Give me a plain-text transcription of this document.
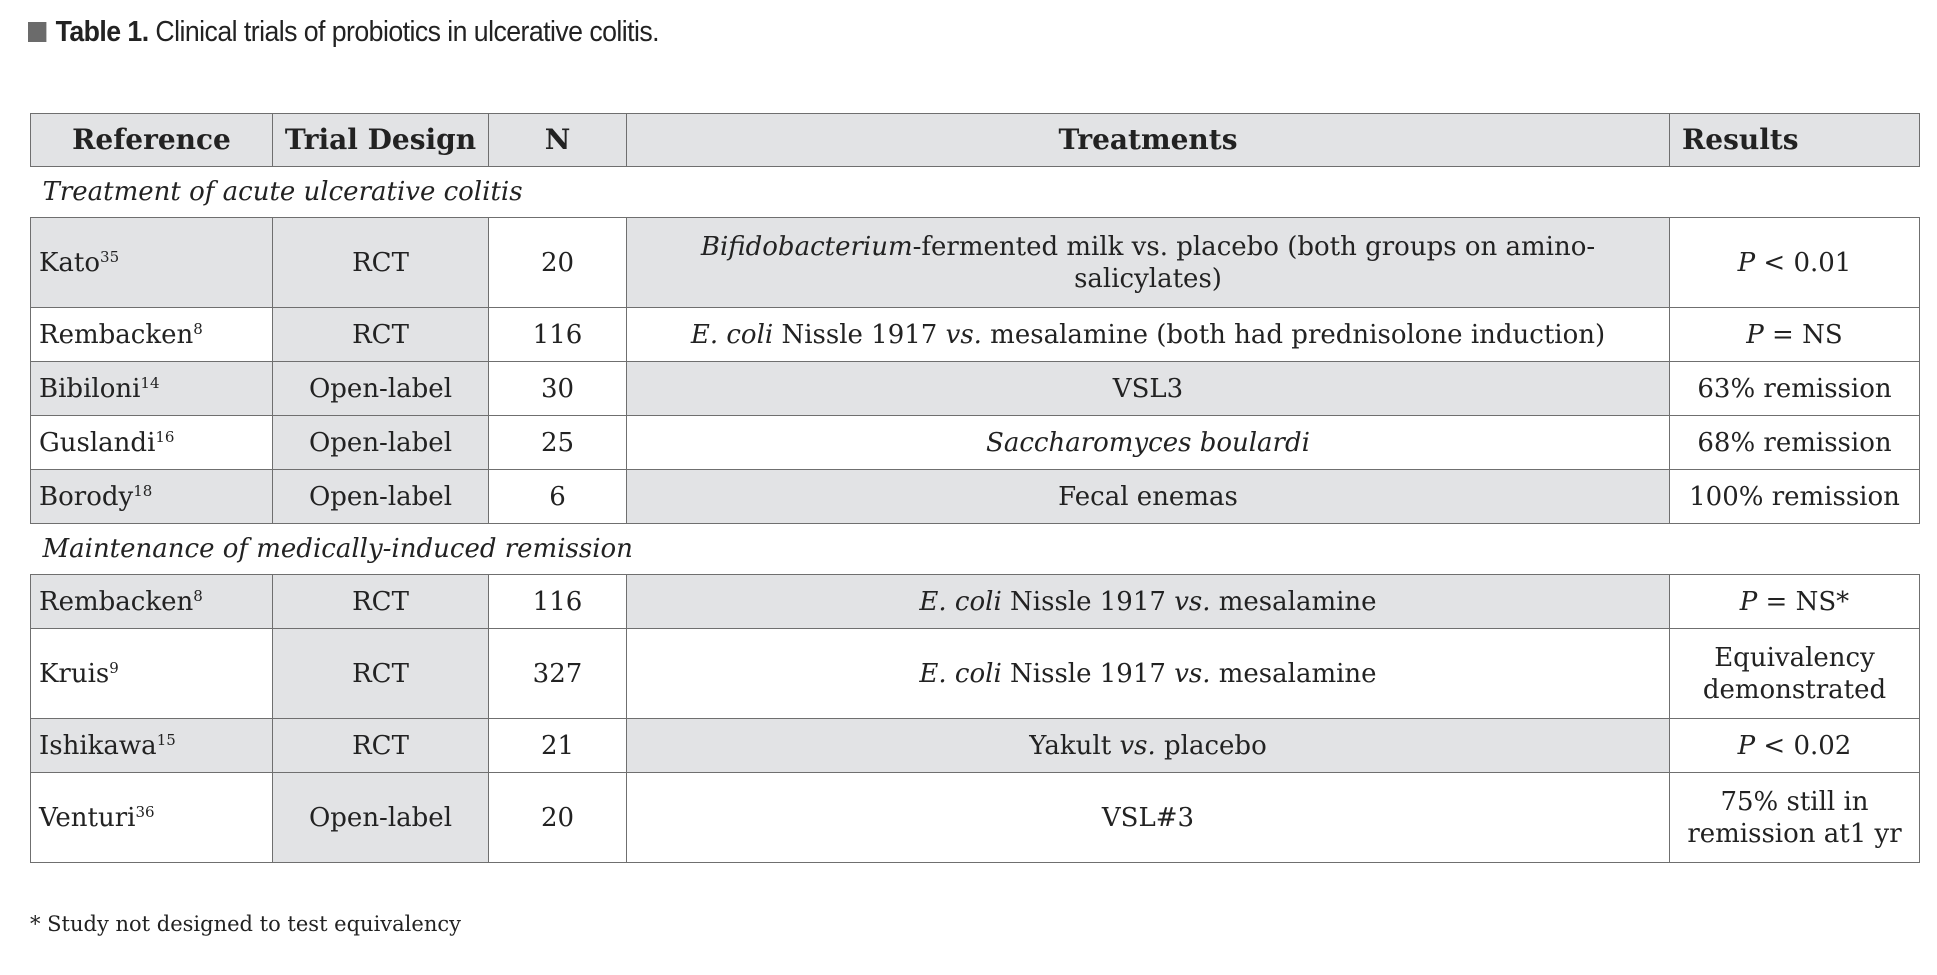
Table 1. Clinical trials of probiotics in ulcerative colitis.
Reference	Trial Design	N	Treatments	Results
Treatment of acute ulcerative colitis				
Kato$^{35}$	RCT	20	Bifidobacterium-fermented milk vs. placebo (both groups on amino-salicylates)	P < 0.01
Rembacken$^8$	RCT	116	E. coli Nissle 1917 vs. mesalamine (both had prednisolone induction)	P = NS
Bibiloni$^{14}$	Open-label	30	VSL3	63% remission
Guslandi$^{16}$	Open-label	25	Saccharomyces boulardi	68% remission
Borody$^{18}$	Open-label	6	Fecal enemas	100% remission
Maintenance of medically-induced remission				
Rembacken$^8$	RCT	116	E. coli Nissle 1917 vs. mesalamine	P = NS*
Kruis$^9$	RCT	327	E. coli Nissle 1917 vs. mesalamine	Equivalency
demonstrated

Ishikawa$^{15}$	RCT	21	Yakult vs. placebo	P < 0.02
Venturi$^{36}$	Open-label	20	VSL#3	75% still in
remission at1 yr
* Study not designed to test equivalency
